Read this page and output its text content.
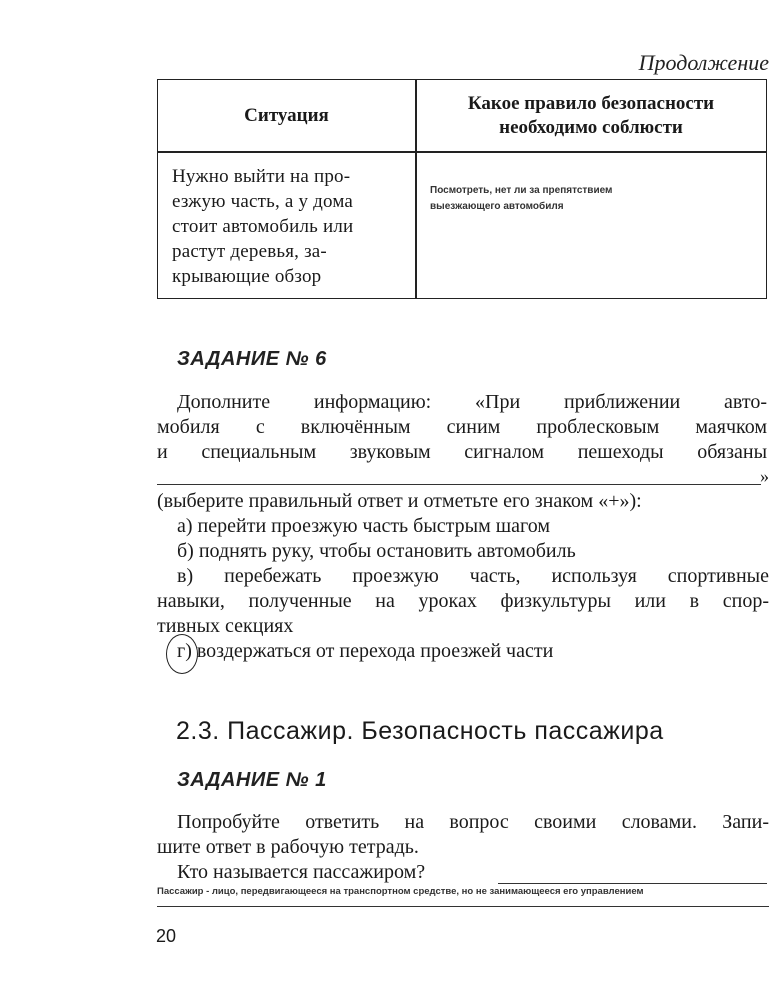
Продолжение
Ситуация
Какое правило безопасности
необходимо соблюсти
Нужно выйти на про-
езжую часть, а у дома
стоит автомобиль или
растут деревья, за-
крывающие обзор
Посмотреть, нет ли за препятствием
выезжающего автомобиля
ЗАДАНИЕ № 6
Дополните информацию: «При приближении авто-
мобиля с включённым синим проблесковым маячком
и специальным звуковым сигналом пешеходы обязаны
»
(выберите правильный ответ и отметьте его знаком «+»):
а) перейти проезжую часть быстрым шагом
б) поднять руку, чтобы остановить автомобиль
в) перебежать проезжую часть, используя спортивные
навыки, полученные на уроках физкультуры или в спор-
тивных секциях
г) воздержаться от перехода проезжей части
2.3. Пассажир. Безопасность пассажира
ЗАДАНИЕ № 1
Попробуйте ответить на вопрос своими словами. Запи-
шите ответ в рабочую тетрадь.
Кто называется пассажиром?
Пассажир - лицо, передвигающееся на транспортном средстве, но не занимающееся его управлением
20
